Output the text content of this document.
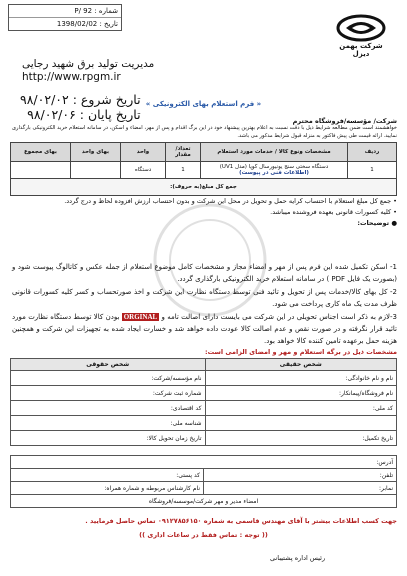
شماره : P/ 92
تاریخ : 1398/02/02
شرکت بهمن دیزل
مدیریت تولید برق شهید رجایی
http://www.rpgm.ir
تاریخ شروع : ۹۸/۰۲/۰۲
تاریخ پایان : ۹۸/۰۲/۰۶
« فرم استعلام بهای الکترونیکی »
شرکت/ مؤسسه/فروشگاه محترم
خواهشمند است ضمن مطالعه شرایط ذیل با دقت نسبت به اعلام بهترین پیشنهاد خود در این برگ اقدام و پس از مهر، امضاء و اسکن، در سامانه استعلام خرید الکترونیکی بارگذاری نمایید. ارائه قیمت طی پیش فاکتور به منزله قبول شرایط مذکور می باشد.
ردیف	مشخصات ونوع کالا / خدمات مورد استعلام	تعداد/ مقدار	واحد	بهای واحد	بهای مجموع
1	دستگاه سختی سنج یونیورسال کوپا (مدل UV1)
(اطلاعات فنی در پیوست)	1	دستگاه		
جمع کل مبلغ(به حروف):					

• جمع کل مبلغ استعلام با احتساب کرایه حمل و تحویل در محل این شرکت و بدون احتساب ارزش افزوده لحاظ و درج گردد.

• کلیه کسورات قانونی بعهده فروشنده میباشد.

● توضیحات:

1- اسکن تکمیل شده این فرم پس از مهر و امضاء مجاز و مشخصات کامل موضوع استعلام از جمله عکس و کاتالوگ پیوست شود و (بصورت یک فایل PDF ) در سامانه استعلام خرید الکترونیکی بارگذاری گردد.

2- کل بهای کالا/خدمات پس از تحویل و تائید فنی توسط دستگاه نظارت این شرکت و اخذ صورتحساب و کسر کلیه کسورات قانونی ظرف مدت یک ماه کاری پرداخت می شود.

3-لازم به ذکر است اجناس تحویلی در این شرکت می بایست دارای اصالت تامه و ORGINAL بودن کالا توسط دستگاه نظارت مورد تائید قرار نگرفته و در صورت نقص و عدم اصالت کالا عودت داده خواهد شد و خسارت ایجاد شده به تجهیزات این شرکت و همچنین هزینه حمل برعهده تامین کننده کالا خواهد بود.

مشخصات ذیل در برگه استعلام و مهر و امضای الزامی است:
شخص حقیقی	شخص حقوقی
نام و نام خانوادگی:	نام مؤسسه/شرکت:
نام فروشگاه/پیمانکار:	شماره ثبت شرکت:
کد ملی:	کد اقتصادی:
	شناسه ملی:
تاریخ تکمیل:	تاریخ زمان تحویل کالا:
آدرس:	
تلفن:	کد پستی:
نمابر:	نام کارشناس مربوطه و شماره همراه:
امضاء مدیر و مهر شرکت/موسسه/فروشگاه	
جهت کسب اطلاعات بیشتر با آقای مهندس قاسمی به شماره ۰۹۱۲۷۸۵۶۱۵۰ تماس حاصل فرمایید .
(( توجه : تماس فقط در ساعات اداری ))
رئیس اداره پشتیبانی
